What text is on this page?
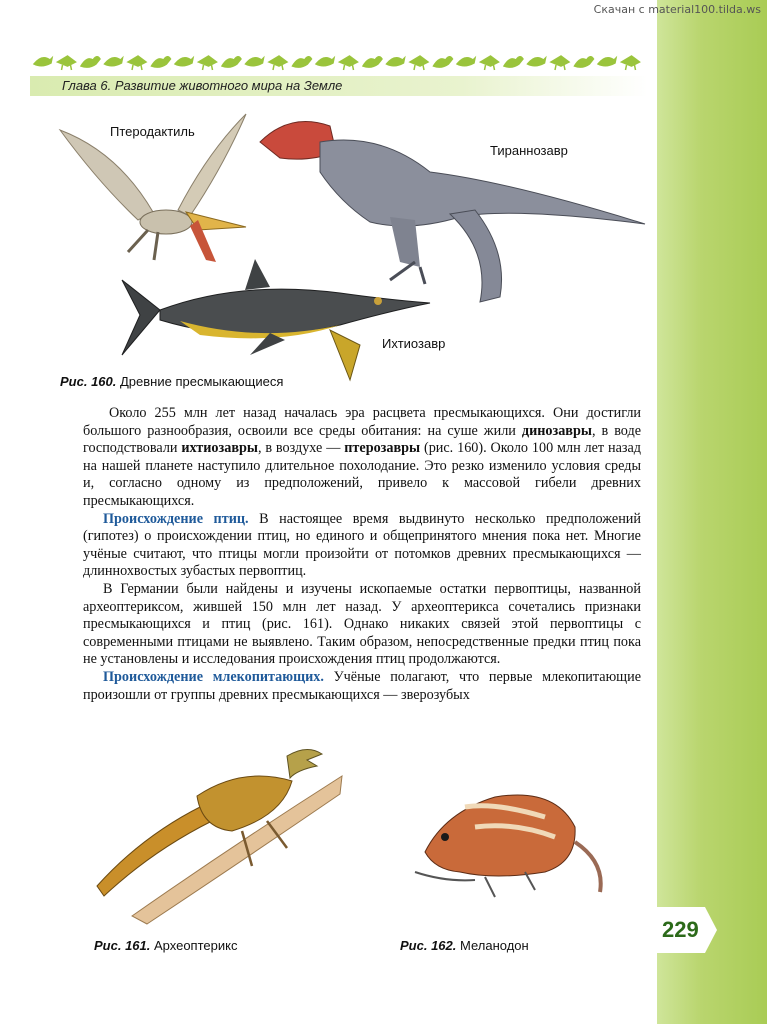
Скачан с material100.tilda.ws
Глава 6. Развитие животного мира на Земле
Птеродактиль
Тираннозавр
Ихтиозавр
Рис. 160. Древние пресмыкающиеся

Около 255 млн лет назад началась эра расцвета пресмыкающихся. Они достигли большого разнообразия, освоили все среды обитания: на суше жили динозавры, в воде господствовали ихтиозавры, в воздухе — птерозавры (рис. 160). Около 100 млн лет назад на нашей планете наступило длительное похолодание. Это резко изменило условия среды и, согласно одному из предположений, привело к массовой гибели древних пресмыкающихся.

Происхождение птиц. В настоящее время выдвинуто несколько предположений (гипотез) о происхождении птиц, но единого и общепринятого мнения пока нет. Многие учёные считают, что птицы могли произойти от потомков древних пресмыкающихся — длиннохвостых зубастых первоптиц.

В Германии были найдены и изучены ископаемые остатки первоптицы, названной археоптериксом, жившей 150 млн лет назад. У археоптерикса сочетались признаки пресмыкающихся и птиц (рис. 161). Однако никаких связей этой первоптицы с современными птицами не выявлено. Таким образом, непосредственные предки птиц пока не установлены и исследования происхождения птиц продолжаются.

Происхождение млекопитающих. Учёные полагают, что первые млекопитающие произошли от группы древних пресмыкающихся — зверозубых

Рис. 161. Археоптерикс	Рис. 162. Меланодон
229
